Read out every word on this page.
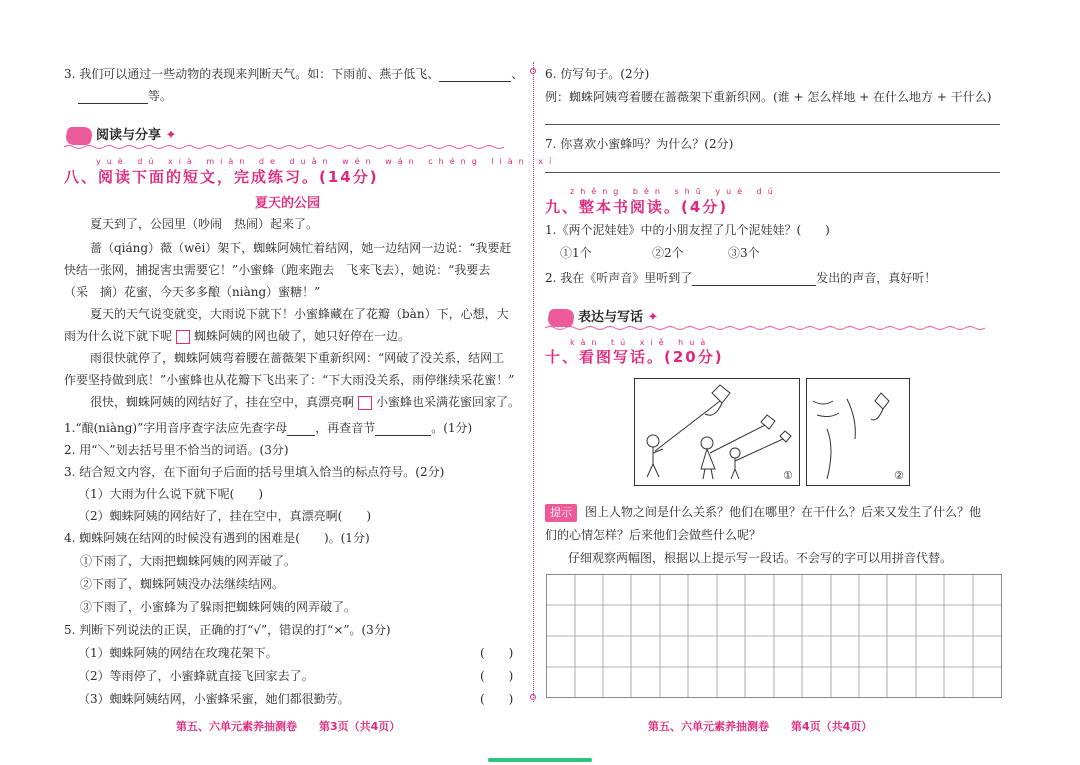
3. 我们可以通过一些动物的表现来判断天气。如：下雨前、燕子低飞、	、
等。
阅读与分享 ✦
yuè dú xià miàn de duǎn wén wán chéng liàn xí
八、阅读下面的短文，完成练习。(14分)
夏天的公园
夏天到了，公园里（吵闹　热闹）起来了。
蔷（qiáng）薇（wēi）架下，蜘蛛阿姨忙着结网，她一边结网一边说：“我要赶
快结一张网，捕捉害虫需要它！”小蜜蜂（跑来跑去　飞来飞去），她说：“我要去
（采　摘）花蜜，今天多多酿（niàng）蜜糖！”
夏天的天气说变就变，大雨说下就下！小蜜蜂藏在了花瓣（bàn）下，心想，大
雨为什么说下就下呢 蜘蛛阿姨的网也破了，她只好停在一边。
雨很快就停了，蜘蛛阿姨弯着腰在蔷薇架下重新织网：“网破了没关系，结网工
作要坚持做到底！”小蜜蜂也从花瓣下飞出来了：“下大雨没关系，雨停继续采花蜜！”
很快，蜘蛛阿姨的网结好了，挂在空中，真漂亮啊 小蜜蜂也采满花蜜回家了。
1.“酿(niàng)”字用音序查字法应先查字母 ，再查音节	。(1分)
2. 用“＼”划去括号里不恰当的词语。(3分)
3. 结合短文内容，在下面句子后面的括号里填入恰当的标点符号。(2分)
（1）大雨为什么说下就下呢(　　)
（2）蜘蛛阿姨的网结好了，挂在空中，真漂亮啊(　　)
4. 蜘蛛阿姨在结网的时候没有遇到的困难是(　　)。(1分)
①下雨了，大雨把蜘蛛阿姨的网弄破了。
②下雨了，蜘蛛阿姨没办法继续结网。
③下雨了，小蜜蜂为了躲雨把蜘蛛阿姨的网弄破了。
5. 判断下列说法的正误，正确的打“√”，错误的打“×”。(3分)
（1）蜘蛛阿姨的网结在玫瑰花架下。	(　　)
（2）等雨停了，小蜜蜂就直接飞回家去了。	(　　)
（3）蜘蛛阿姨结网，小蜜蜂采蜜，她们都很勤劳。	(　　)
第五、六单元素养抽测卷　　第3页（共4页）
6. 仿写句子。(2分)
例：蜘蛛阿姨弯着腰在蔷薇架下重新织网。(谁 + 怎么样地 + 在什么地方 + 干什么)
7. 你喜欢小蜜蜂吗？为什么？(2分)
zhěng běn shū yuè dú
九、整本书阅读。(4分)
1.《两个泥娃娃》中的小朋友捏了几个泥娃娃？(　　)
①1个	②2个	③3个
2. 我在《听声音》里听到了	发出的声音，真好听！
表达与写话 ✦
kàn tú xiě huà
十、看图写话。(20分)
①	②
提示 图上人物之间是什么关系？他们在哪里？在干什么？后来又发生了什么？他
们的心情怎样？后来他们会做些什么呢？
仔细观察两幅图，根据以上提示写一段话。不会写的字可以用拼音代替。
第五、六单元素养抽测卷　　第4页（共4页）
